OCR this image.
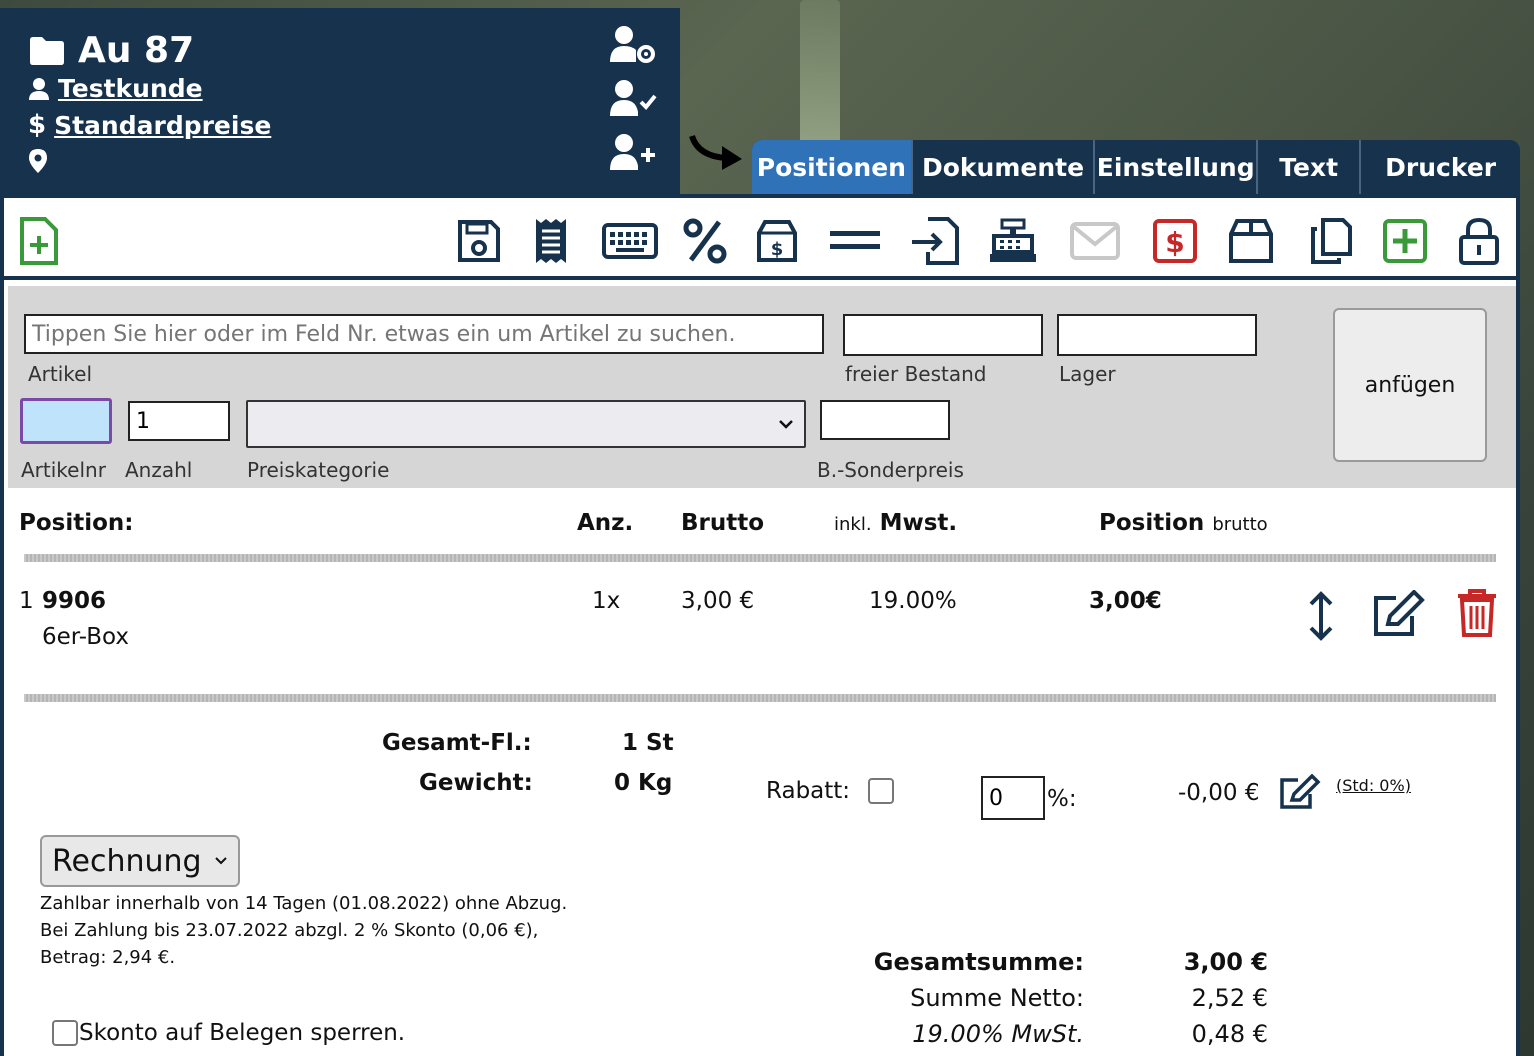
Au 87
Testkunde
$ Standardpreise
Positionen Dokumente Einstellung Text	Drucker
$	$
Tippen Sie hier oder im Feld Nr. etwas ein um Artikel zu suchen.
Artikel	freier Bestand	Lager
Artikelnr
1 Anzahl	Preiskategorie	B.-Sonderpreis
anfügen
Position:	Anz. Brutto	inkl. Mwst.	Position brutto
1 9906
6er-Box
1x	3,00 €	19.00%	3,00€
Gesamt-Fl.:	1 St
Gewicht:	0 Kg	Rabatt:
0	%:	-0,00 €	(Std: 0%)
Rechnung
Zahlbar innerhalb von 14 Tagen (01.08.2022) ohne Abzug.
Bei Zahlung bis 23.07.2022 abzgl. 2 % Skonto (0,06 €),
Betrag: 2,94 €.	Gesamtsumme:	3,00 €
Summe Netto:	2,52 €
19.00% MwSt.	0,48 €
Skonto auf Belegen sperren.
